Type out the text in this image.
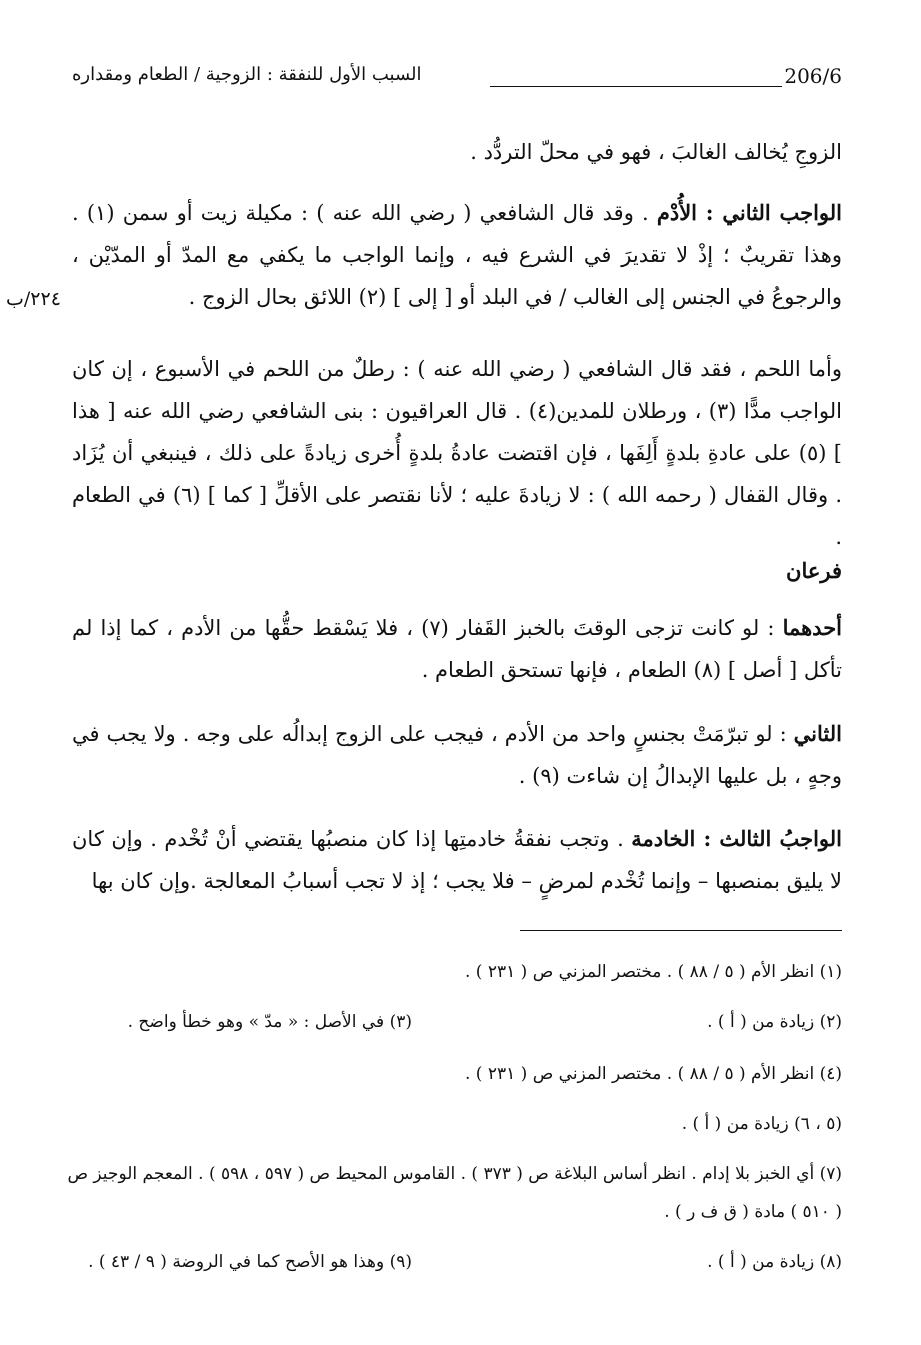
206/6
السبب الأول للنفقة : الزوجية / الطعام ومقداره
٢٢٤/ب
الزوجِ يُخالف الغالبَ ، فهو في محلّ التردُّد .
الواجب الثاني : الأُدْم . وقد قال الشافعي ( رضي الله عنه ) : مكيلة زيت أو سمن (١) . وهذا تقريبٌ ؛ إذْ لا تقديرَ في الشرع فيه ، وإنما الواجب ما يكفي مع المدّ أو المدّيْن ، والرجوعُ في الجنس إلى الغالب / في البلد أو [ إلى ] (٢) اللائق بحال الزوج .
وأما اللحم ، فقد قال الشافعي ( رضي الله عنه ) : رطلٌ من اللحم في الأسبوع ، إن كان الواجب مدًّا (٣) ، ورطلان للمدين(٤) . قال العراقيون : بنى الشافعي رضي الله عنه [ هذا ] (٥) على عادةِ بلدةٍ أَلِفَها ، فإن اقتضت عادةُ بلدةٍ أُخرى زيادةً على ذلك ، فينبغي أن يُزَاد . وقال القفال ( رحمه الله ) : لا زيادةَ عليه ؛ لأنا نقتصر على الأقلِّ [ كما ] (٦) في الطعام .
فرعان
أحدهما : لو كانت تزجى الوقتَ بالخبز القَفار (٧) ، فلا يَسْقط حقُّها من الأدم ، كما إذا لم تأكل [ أصل ] (٨) الطعام ، فإنها تستحق الطعام .
الثاني : لو تبرّمَتْ بجنسٍ واحد من الأدم ، فيجب على الزوج إبدالُه على وجه . ولا يجب في وجهٍ ، بل عليها الإبدالُ إن شاءت (٩) .
الواجبُ الثالث : الخادمة . وتجب نفقةُ خادمتِها إذا كان منصبُها يقتضي أنْ تُخْدم . وإن كان لا يليق بمنصبها – وإنما تُخْدم لمرضٍ – فلا يجب ؛ إذ لا تجب أسبابُ المعالجة .وإن كان بها
(١) انظر الأم ( ٥ / ٨٨ ) . مختصر المزني ص ( ٢٣١ ) .
(٢) زيادة من ( أ ) .
(٣) في الأصل : « مدّ » وهو خطأ واضح .
(٤) انظر الأم ( ٥ / ٨٨ ) . مختصر المزني ص ( ٢٣١ ) .
(٥ ، ٦) زيادة من ( أ ) .
(٧) أي الخبز بلا إدام . انظر أساس البلاغة ص ( ٣٧٣ ) . القاموس المحيط ص ( ٥٩٧ ، ٥٩٨ ) . المعجم الوجيز ص
( ٥١٠ ) مادة ( ق ف ر ) .
(٨) زيادة من ( أ ) .
(٩) وهذا هو الأصح كما في الروضة ( ٩ / ٤٣ ) .
